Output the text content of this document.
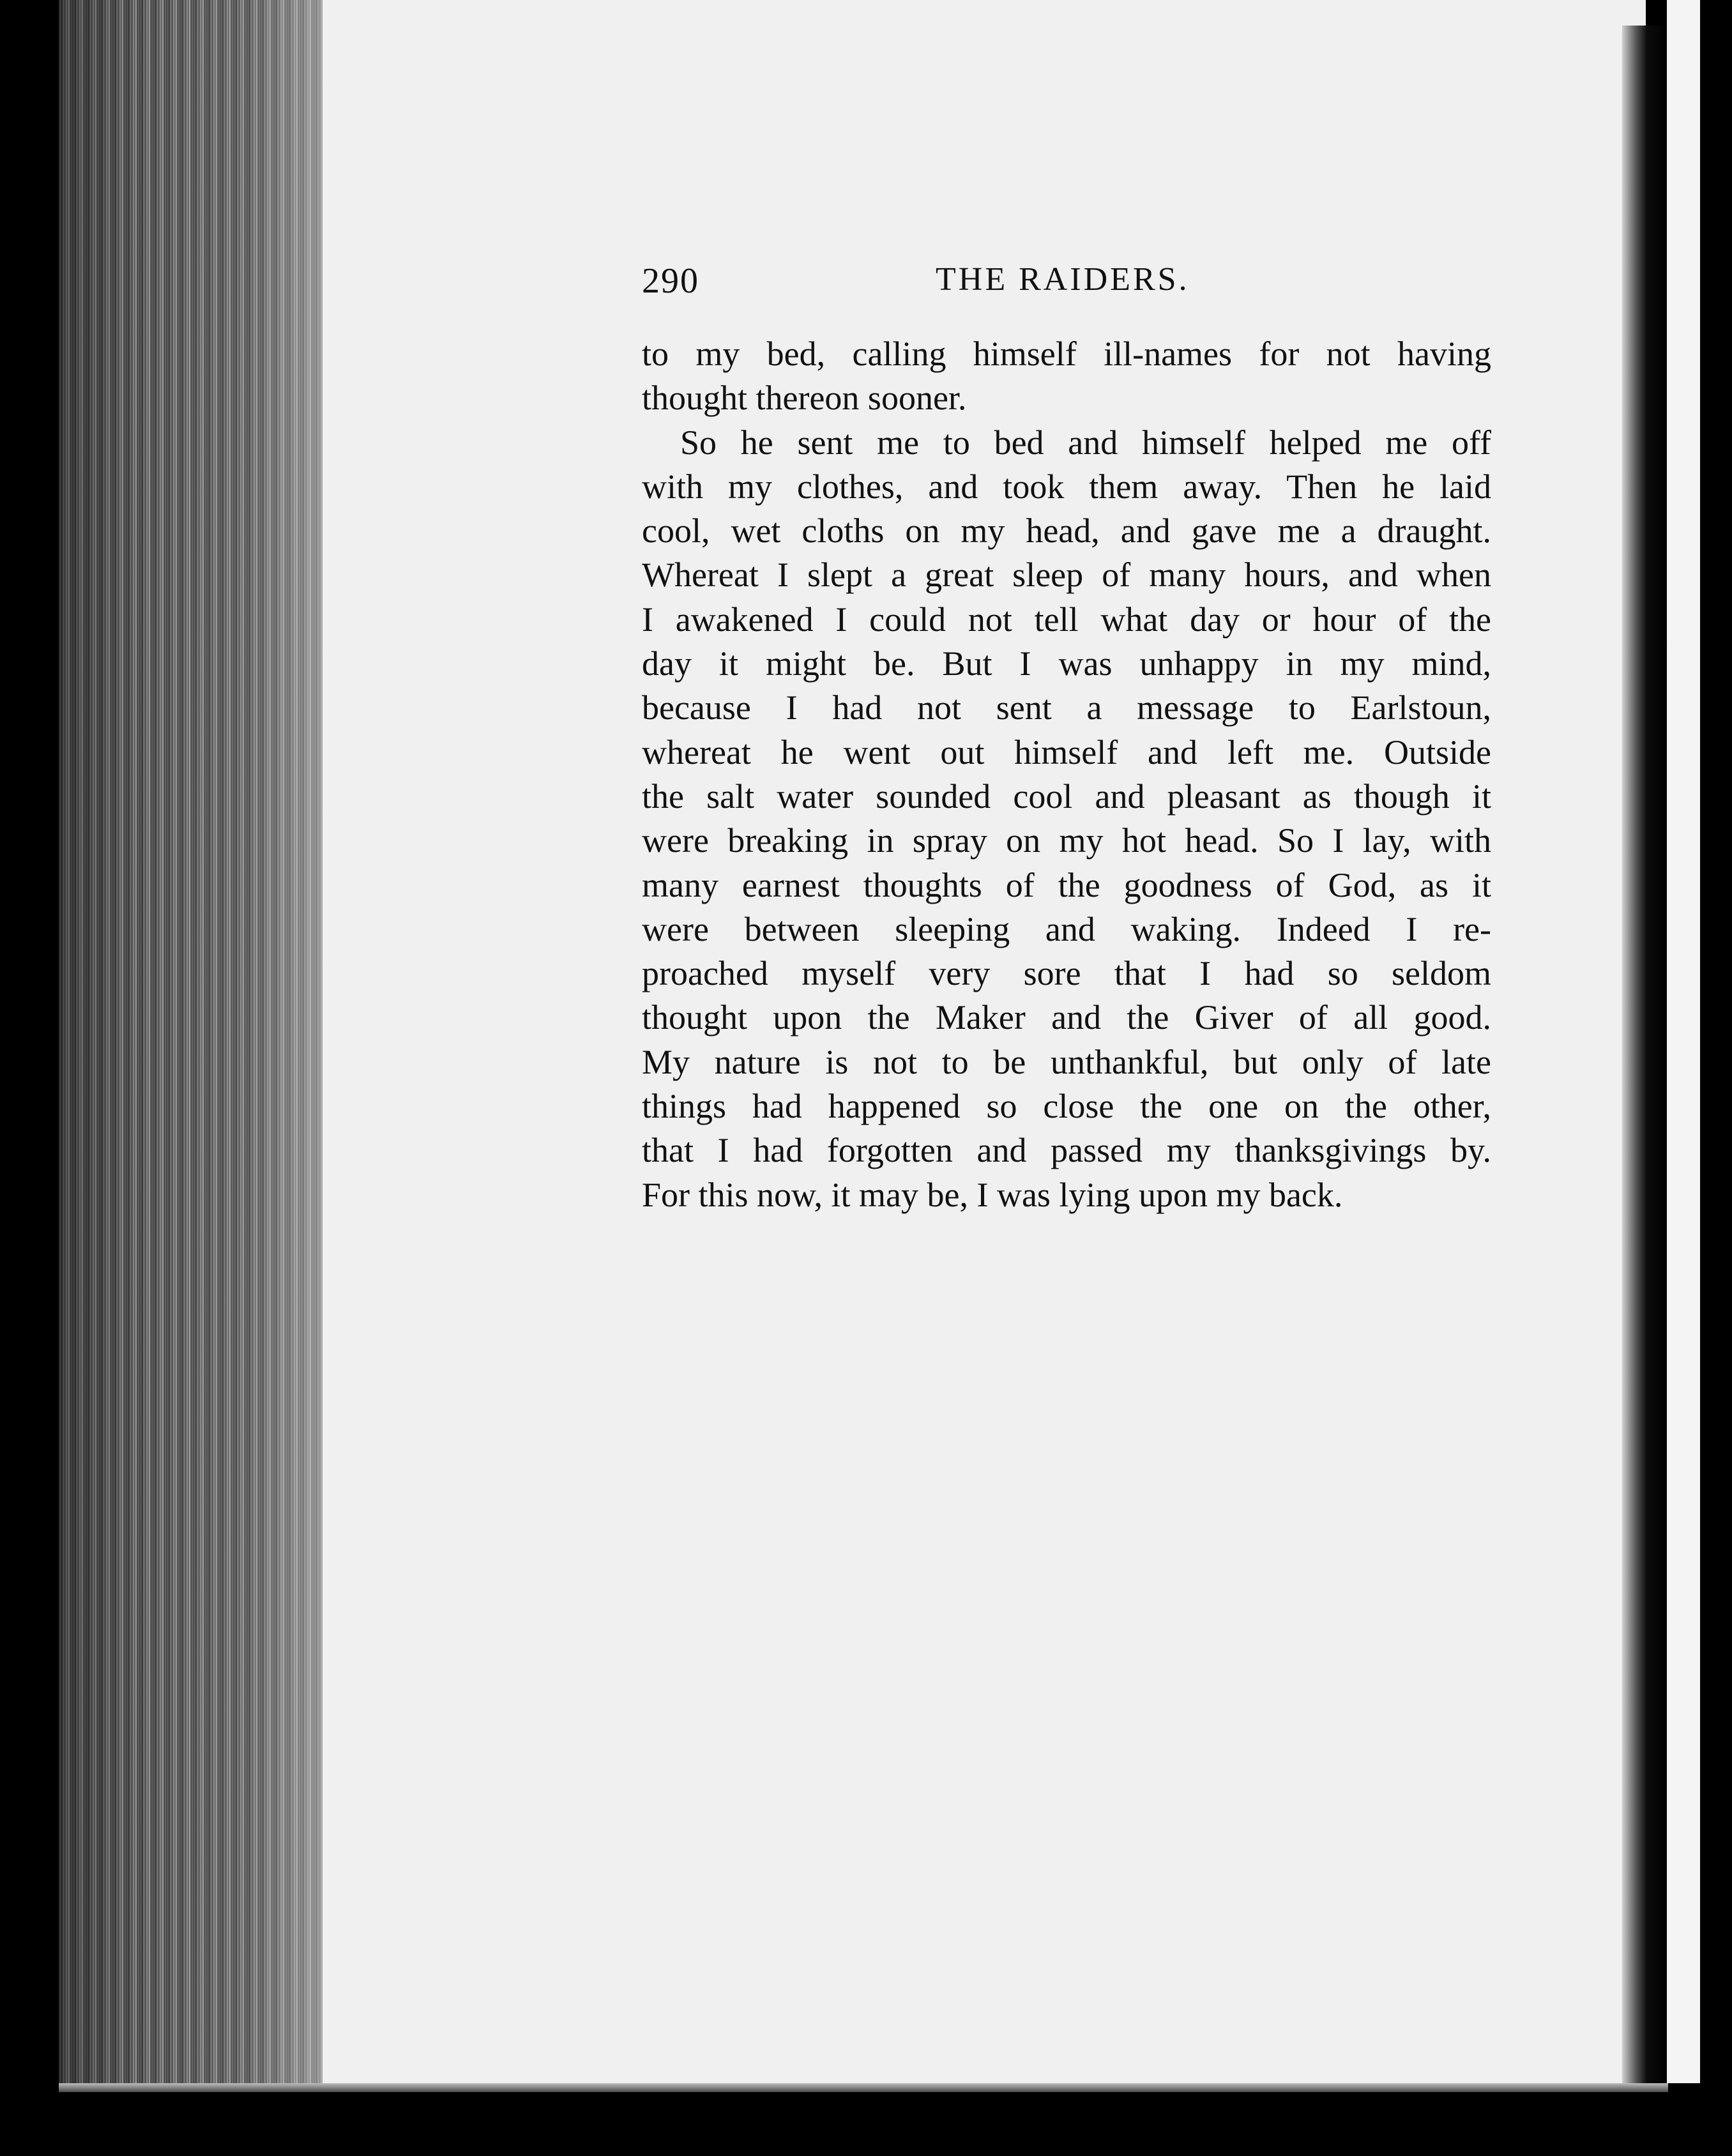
290	THE RAIDERS.
to my bed, calling himself ill-names for not having
thought thereon sooner.
So he sent me to bed and himself helped me off
with my clothes, and took them away. Then he laid
cool, wet cloths on my head, and gave me a draught.
Whereat I slept a great sleep of many hours, and when
I awakened I could not tell what day or hour of the
day it might be. But I was unhappy in my mind,
because I had not sent a message to Earlstoun,
whereat he went out himself and left me. Outside
the salt water sounded cool and pleasant as though it
were breaking in spray on my hot head. So I lay, with
many earnest thoughts of the goodness of God, as it
were between sleeping and waking. Indeed I re-
proached myself very sore that I had so seldom
thought upon the Maker and the Giver of all good.
My nature is not to be unthankful, but only of late
things had happened so close the one on the other,
that I had forgotten and passed my thanksgivings by.
For this now, it may be, I was lying upon my back.
